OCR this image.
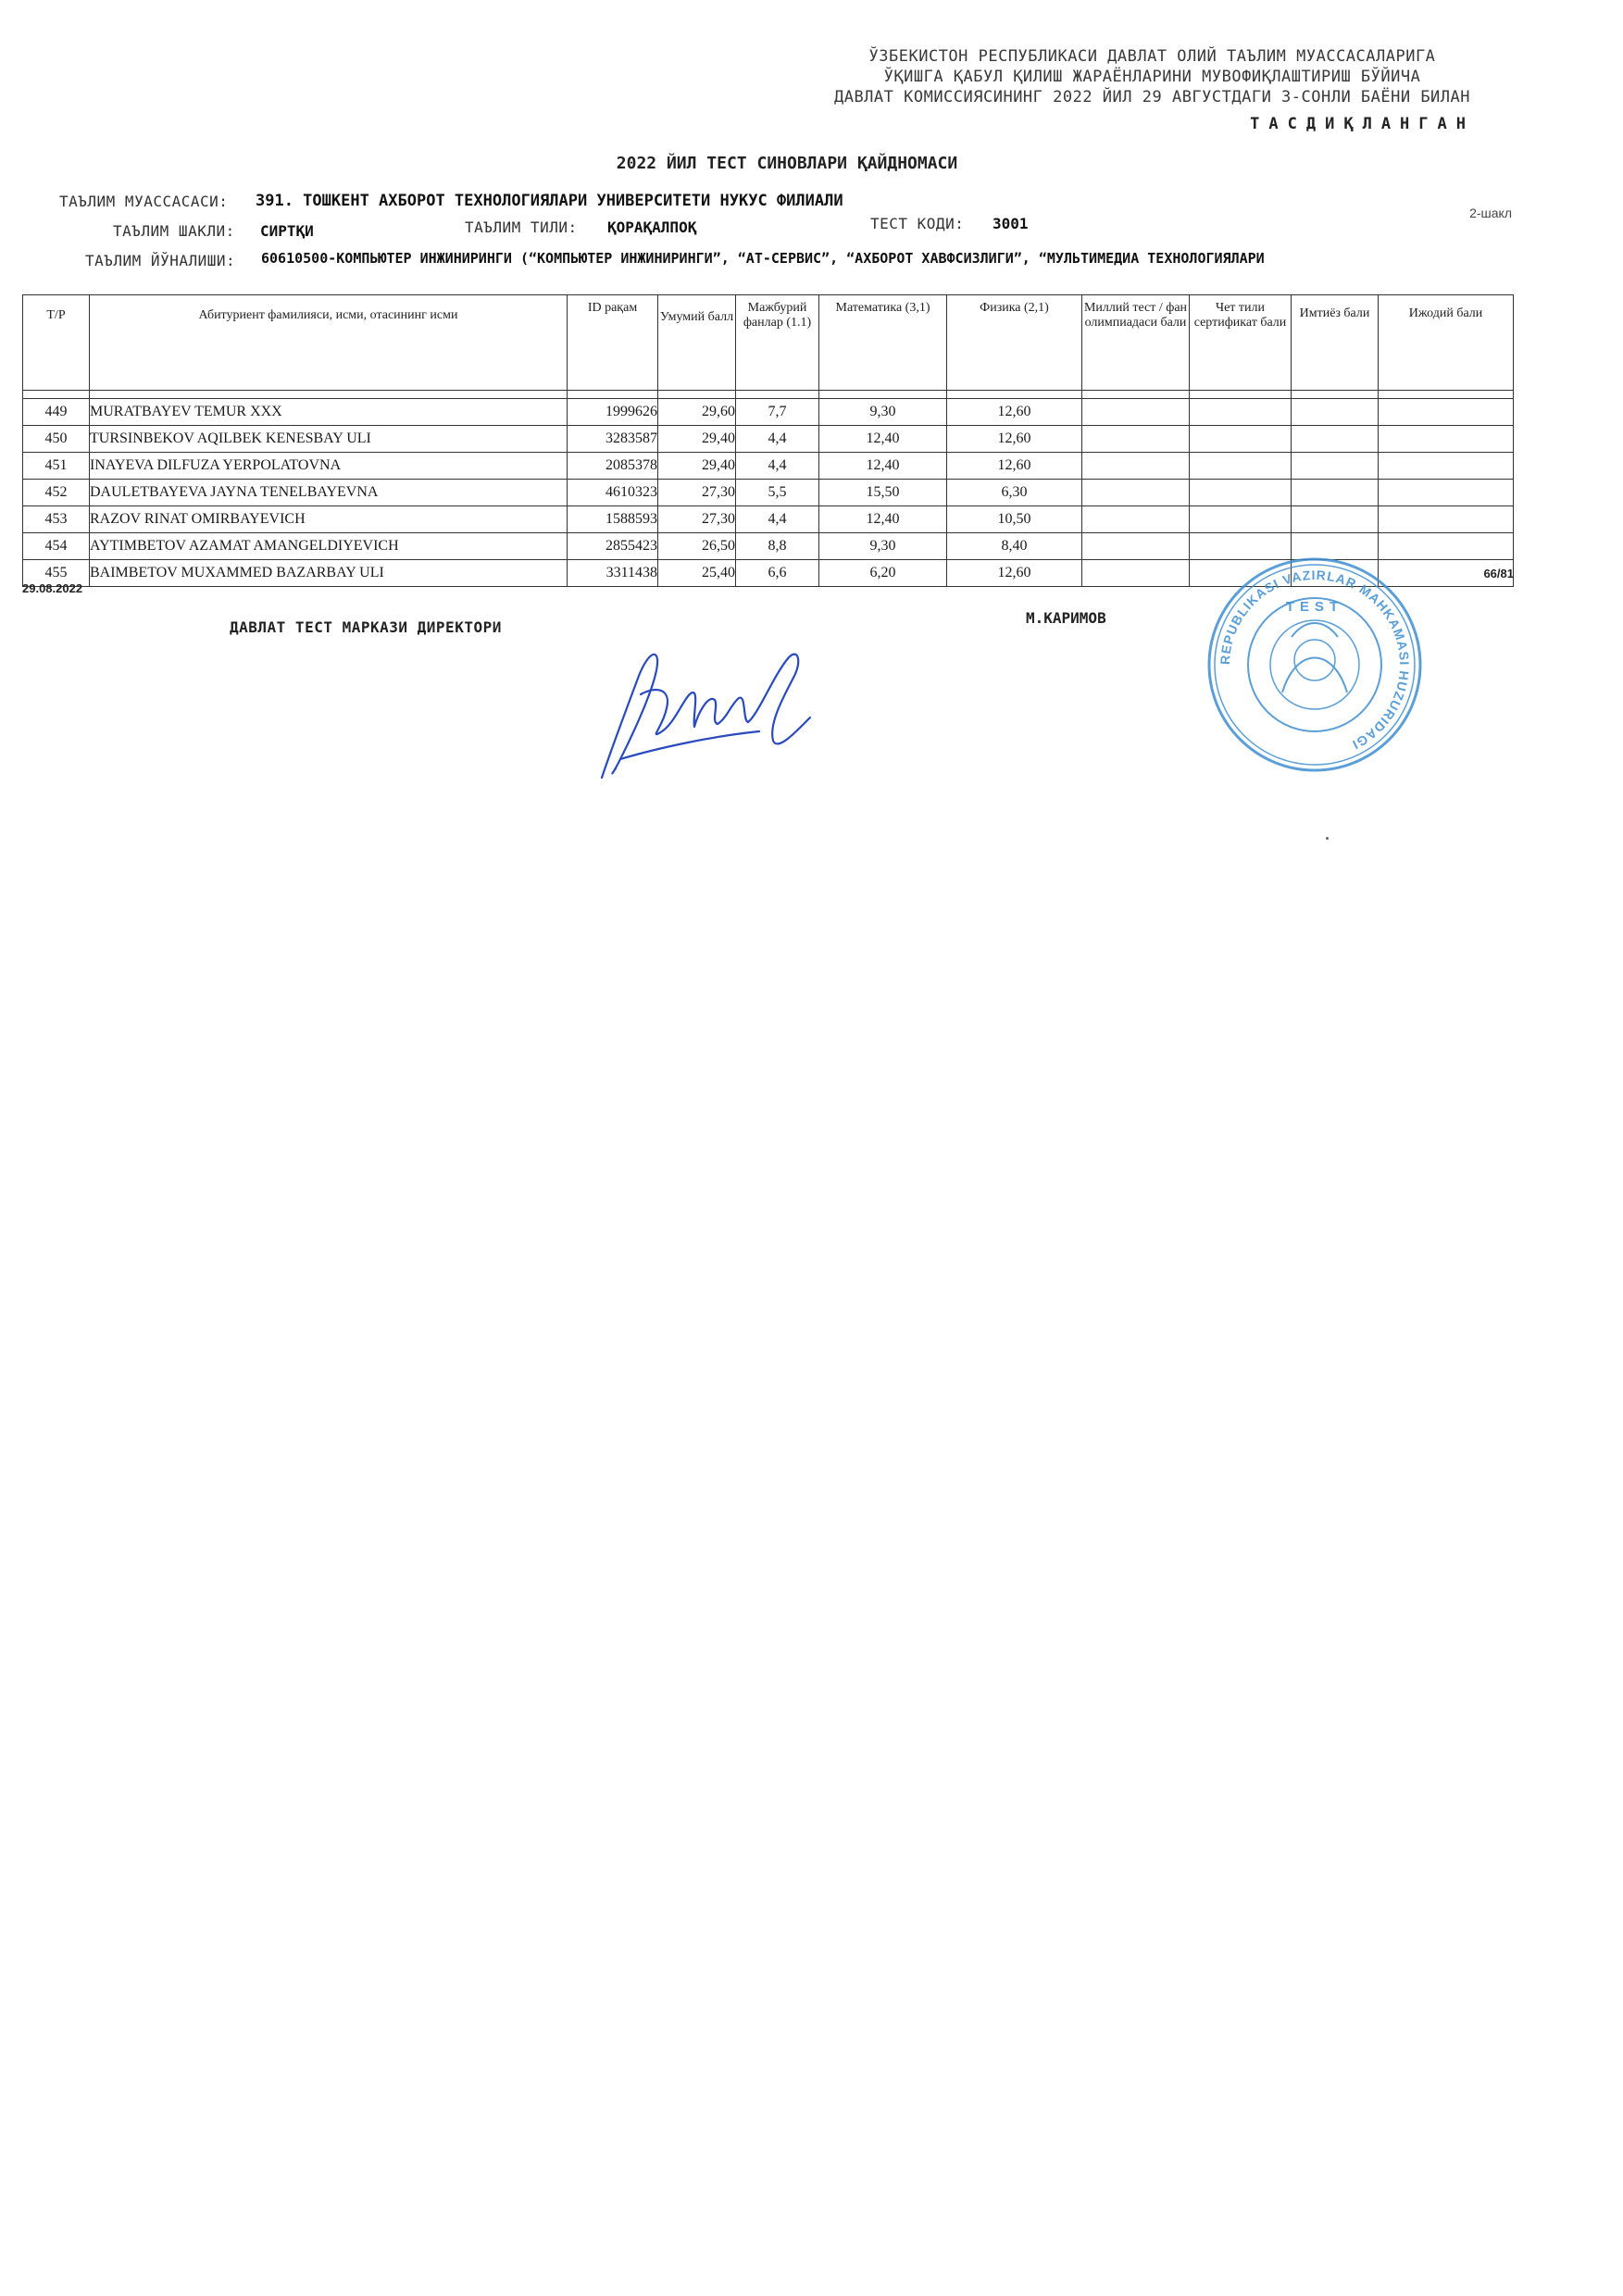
ЎЗБЕКИСТОН РЕСПУБЛИКАСИ ДАВЛАТ ОЛИЙ ТАЪЛИМ МУАССАСАЛАРИГА
ЎҚИШГА ҚАБУЛ ҚИЛИШ ЖАРАЁНЛАРИНИ МУВОФИҚЛАШТИРИШ БЎЙИЧА
ДАВЛАТ КОМИССИЯСИНИНГ 2022 ЙИЛ 29 АВГУСТДАГИ 3-СОНЛИ БАЁНИ БИЛАН
ТАСДИҚЛАНГАН
2022 ЙИЛ ТЕСТ СИНОВЛАРИ ҚАЙДНОМАСИ
ТАЪЛИМ МУАССАСАСИ: 391. ТОШКЕНТ АХБОРОТ ТЕХНОЛОГИЯЛАРИ УНИВЕРСИТЕТИ НУКУС ФИЛИАЛИ
ТАЪЛИМ ШАКЛИ: СИРТҚИ	ТАЪЛИМ ТИЛИ: ҚОРАҚАЛПОҚ	ТЕСТ КОДИ: 3001
2-шакл
ТАЪЛИМ ЙЎНАЛИШИ: 60610500-КОМПЬЮТЕР ИНЖИНИРИНГИ (“КОМПЬЮТЕР ИНЖИНИРИНГИ”, “АТ-СЕРВИС”, “АХБОРОТ ХАВФСИЗЛИГИ”, “МУЛЬТИМЕДИА ТЕХНОЛОГИЯЛАРИ
Т/Р	Абитуриент фамилияси, исми, отасининг исми	ID рақам	Умумий балл	Мажбурий фанлар (1.1)	Математика (3,1)	Физика (2,1)	Миллий тест / фан олимпиадаси бали	Чет тили сертификат бали	Имтиёз бали	Ижодий бали

449	MURATBAYEV TEMUR XXX	1999626	29,60	7,7	9,30	12,60				
450	TURSINBEKOV AQILBEK KENESBAY ULI	3283587	29,40	4,4	12,40	12,60				
451	INAYEVA DILFUZA YERPOLATOVNA	2085378	29,40	4,4	12,40	12,60				
452	DAULETBAYEVA JAYNA TENELBAYEVNA	4610323	27,30	5,5	15,50	6,30				
453	RAZOV RINAT OMIRBAYEVICH	1588593	27,30	4,4	12,40	10,50				
454	AYTIMBETOV AZAMAT AMANGELDIYEVICH	2855423	26,50	8,8	9,30	8,40				
455	BAIMBETOV MUXAMMED BAZARBAY ULI	3311438	25,40	6,6	6,20	12,60				
29.08.2022
66/81
ДАВЛАТ ТЕСТ МАРКАЗИ ДИРЕКТОРИ
М.КАРИМОВ
REPUBLIKASI VAZIRLAR MAHKAMASI HUZURIDAGI
TEST
